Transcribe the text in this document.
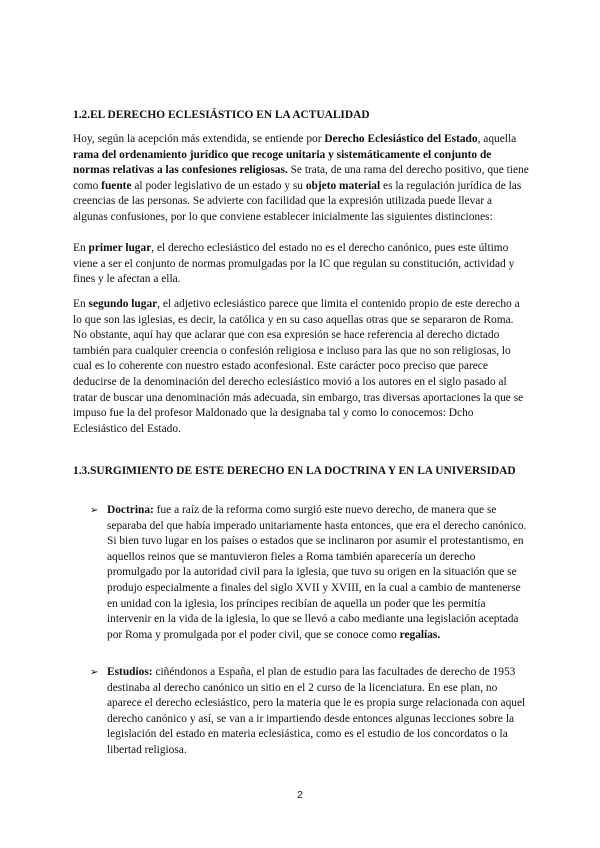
1.2.EL DERECHO ECLESIÁSTICO EN LA ACTUALIDAD

Hoy, según la acepción más extendida, se entiende por Derecho Eclesiástico del Estado, aquella rama del ordenamiento jurídico que recoge unitaria y sistemáticamente el conjunto de normas relativas a las confesiones religiosas. Se trata, de una rama del derecho positivo, que tiene como fuente al poder legislativo de un estado y su objeto material es la regulación jurídica de las creencias de las personas. Se advierte con facilidad que la expresión utilizada puede llevar a algunas confusiones, por lo que conviene establecer inicialmente las siguientes distinciones:

En primer lugar, el derecho eclesiástico del estado no es el derecho canónico, pues este último viene a ser el conjunto de normas promulgadas por la IC que regulan su constitución, actividad y fines y le afectan a ella.

En segundo lugar, el adjetivo eclesiástico parece que limita el contenido propio de este derecho a lo que son las iglesias, es decir, la católica y en su caso aquellas otras que se separaron de Roma. No obstante, aquí hay que aclarar que con esa expresión se hace referencia al derecho dictado también para cualquier creencia o confesión religiosa e incluso para las que no son religiosas, lo cual es lo coherente con nuestro estado aconfesional. Este carácter poco preciso que parece deducirse de la denominación del derecho eclesiástico movió a los autores en el siglo pasado al tratar de buscar una denominación más adecuada, sin embargo, tras diversas aportaciones la que se impuso fue la del profesor Maldonado que la designaba tal y como lo conocemos: Dcho Eclesiástico del Estado.

1.3.SURGIMIENTO DE ESTE DERECHO EN LA DOCTRINA Y EN LA UNIVERSIDAD
➢ Doctrina: fue a raíz de la reforma como surgió este nuevo derecho, de manera que se separaba del que había imperado unitariamente hasta entonces, que era el derecho canónico. Si bien tuvo lugar en los países o estados que se inclinaron por asumir el protestantismo, en aquellos reinos que se mantuvieron fieles a Roma también aparecería un derecho promulgado por la autoridad civil para la iglesia, que tuvo su origen en la situación que se produjo especialmente a finales del siglo XVII y XVIII, en la cual a cambio de mantenerse en unidad con la iglesia, los príncipes recibían de aquella un poder que les permitía intervenir en la vida de la iglesia, lo que se llevó a cabo mediante una legislación aceptada por Roma y promulgada por el poder civil, que se conoce como regalías.

➢ Estudios: ciñéndonos a España, el plan de estudio para las facultades de derecho de 1953 destinaba al derecho canónico un sitio en el 2 curso de la licenciatura. En ese plan, no aparece el derecho eclesiástico, pero la materia que le es propia surge relacionada con aquel derecho canónico y así, se van a ir impartiendo desde entonces algunas lecciones sobre la legislación del estado en materia eclesiástica, como es el estudio de los concordatos o la libertad religiosa.

2
